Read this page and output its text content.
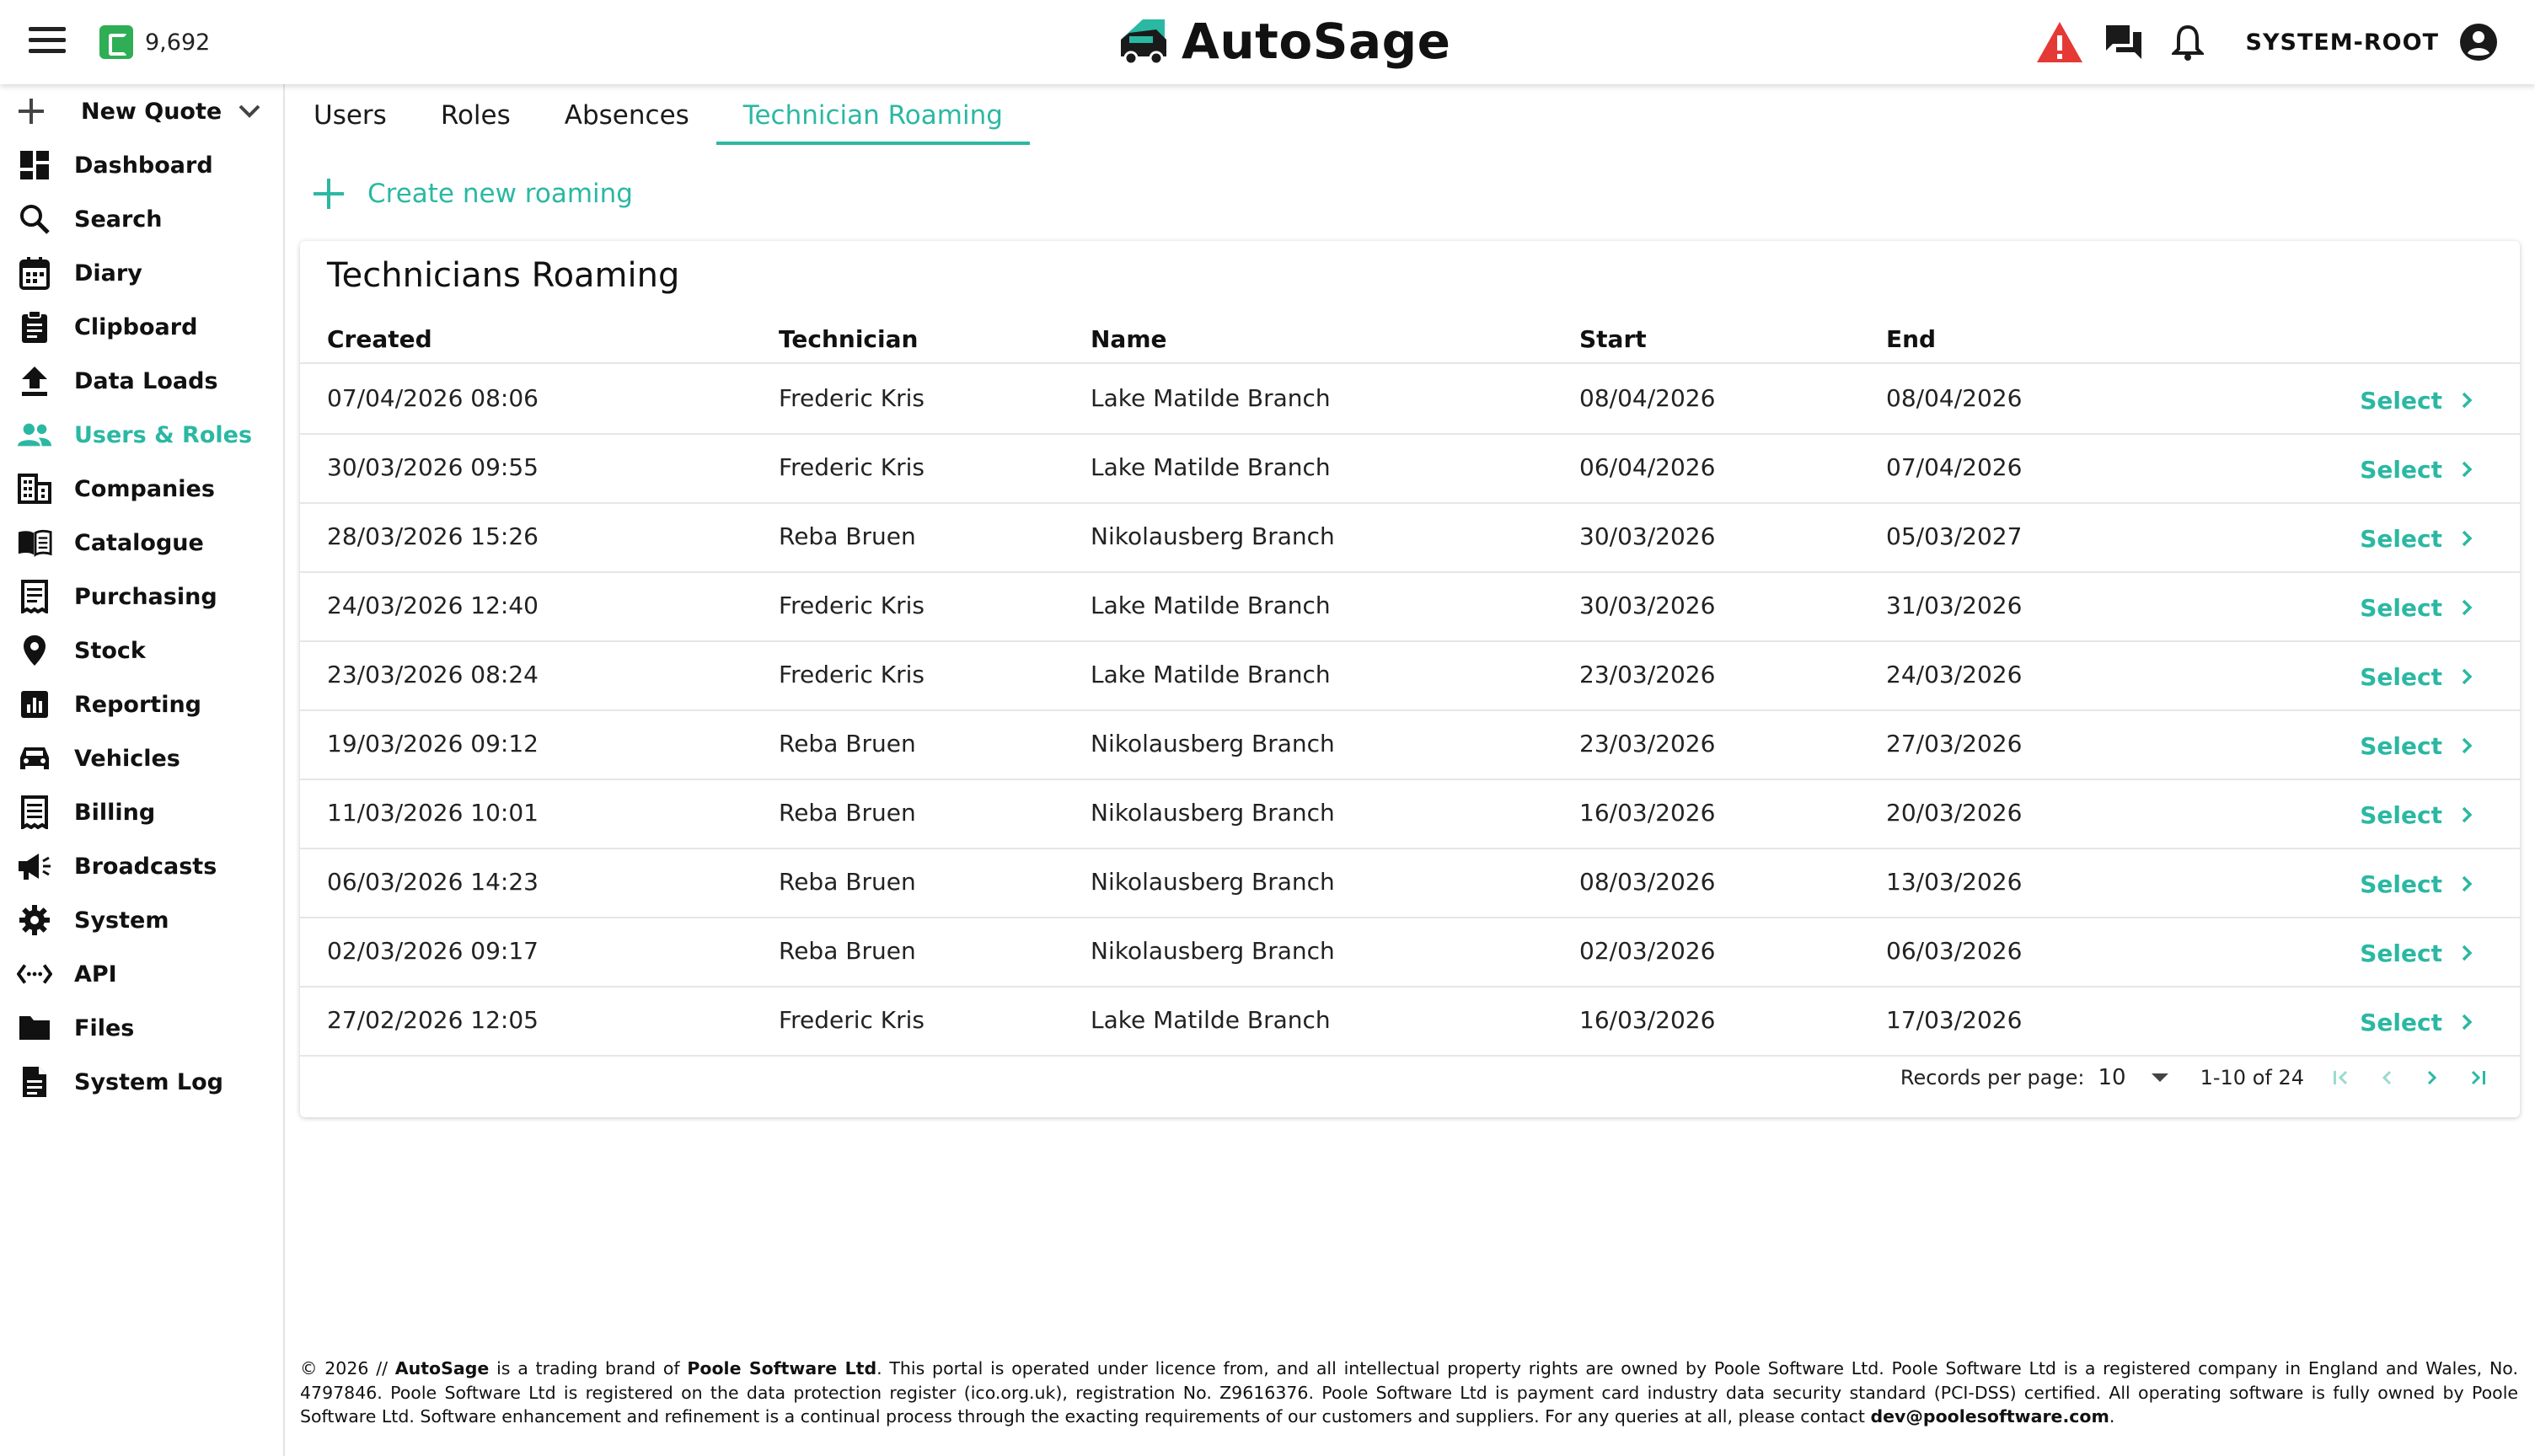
9,692	AutoSage	SYSTEM-ROOT
New Quote
Dashboard
Search
Diary
Clipboard
Data Loads
Users & Roles
Companies
Catalogue
Purchasing
Stock
Reporting
Vehicles
Billing
Broadcasts
System
API
Files
System Log
Users	Roles	Absences	Technician Roaming
Create new roaming
Technicians Roaming
Created	Technician	Name	Start	End
07/04/2026 08:06	Frederic Kris	Lake Matilde Branch	08/04/2026	08/04/2026	Select
30/03/2026 09:55	Frederic Kris	Lake Matilde Branch	06/04/2026	07/04/2026	Select
28/03/2026 15:26	Reba Bruen	Nikolausberg Branch	30/03/2026	05/03/2027	Select
24/03/2026 12:40	Frederic Kris	Lake Matilde Branch	30/03/2026	31/03/2026	Select
23/03/2026 08:24	Frederic Kris	Lake Matilde Branch	23/03/2026	24/03/2026	Select
19/03/2026 09:12	Reba Bruen	Nikolausberg Branch	23/03/2026	27/03/2026	Select
11/03/2026 10:01	Reba Bruen	Nikolausberg Branch	16/03/2026	20/03/2026	Select
06/03/2026 14:23	Reba Bruen	Nikolausberg Branch	08/03/2026	13/03/2026	Select
02/03/2026 09:17	Reba Bruen	Nikolausberg Branch	02/03/2026	06/03/2026	Select
27/02/2026 12:05	Frederic Kris	Lake Matilde Branch	16/03/2026	17/03/2026	Select
Records per page: 10	1-10 of 24
© 2026 // AutoSage is a trading brand of Poole Software Ltd. This portal is operated under licence from, and all intellectual property rights are owned by Poole Software Ltd. Poole Software Ltd is a registered company in England and Wales, No. 4797846. Poole Software Ltd is registered on the data protection register (ico.org.uk), registration No. Z9616376. Poole Software Ltd is payment card industry data security standard (PCI-DSS) certified. All operating software is fully owned by Poole Software Ltd. Software enhancement and refinement is a continual process through the exacting requirements of our customers and suppliers. For any queries at all, please contact dev@poolesoftware.com.
